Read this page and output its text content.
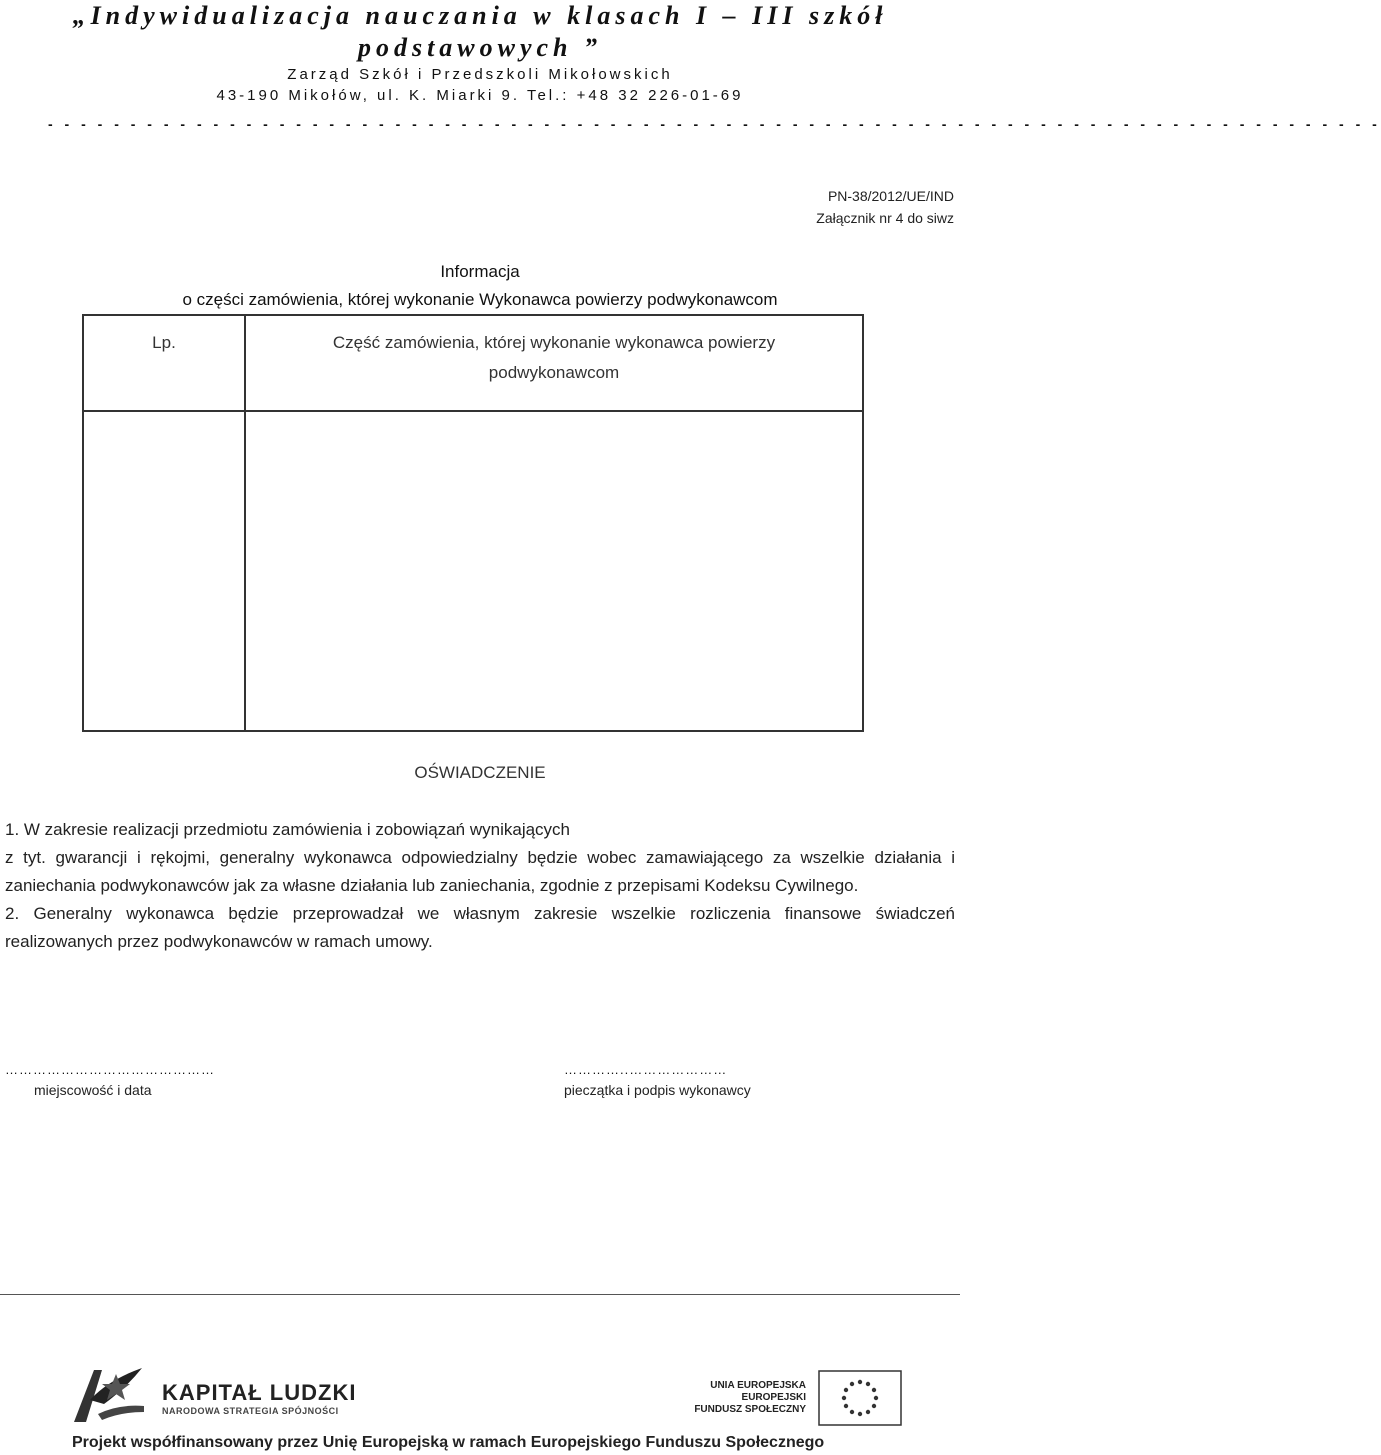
„Indywidualizacja nauczania w klasach I – III szkół
podstawowych ”
Zarząd Szkół i Przedszkoli Mikołowskich
43-190 Mikołów, ul. K. Miarki 9. Tel.: +48 32 226-01-69
- - - - - - - - - - - - - - - - - - - - - - - - - - - - - - - - - - - - - - - - - - - - - - - - - - - - - - - - - - - - - - - - - - - - - - - - - - - - - - - - -
PN-38/2012/UE/IND
Załącznik nr 4 do siwz
Informacja
o części zamówienia, której wykonanie Wykonawca powierzy podwykonawcom
Lp.	Część zamówienia, której wykonanie wykonawca powierzy podwykonawcom

OŚWIADCZENIE

1. W zakresie realizacji przedmiotu zamówienia i zobowiązań wynikających

z tyt. gwarancji i rękojmi, generalny wykonawca odpowiedzialny będzie wobec zamawiającego za wszelkie działania i zaniechania podwykonawców jak za własne działania lub zaniechania, zgodnie z przepisami Kodeksu Cywilnego.

2. Generalny wykonawca będzie przeprowadzał we własnym zakresie wszelkie rozliczenia finansowe świadczeń realizowanych przez podwykonawców w ramach umowy.

………………………………………
miejscowość i data
…………..…………………
pieczątka i podpis wykonawcy
KAPITAŁ LUDZKI
NARODOWA STRATEGIA SPÓJNOŚCI
UNIA EUROPEJSKA
EUROPEJSKI
FUNDUSZ SPOŁECZNY
Projekt współfinansowany przez Unię Europejską w ramach Europejskiego Funduszu Społecznego
